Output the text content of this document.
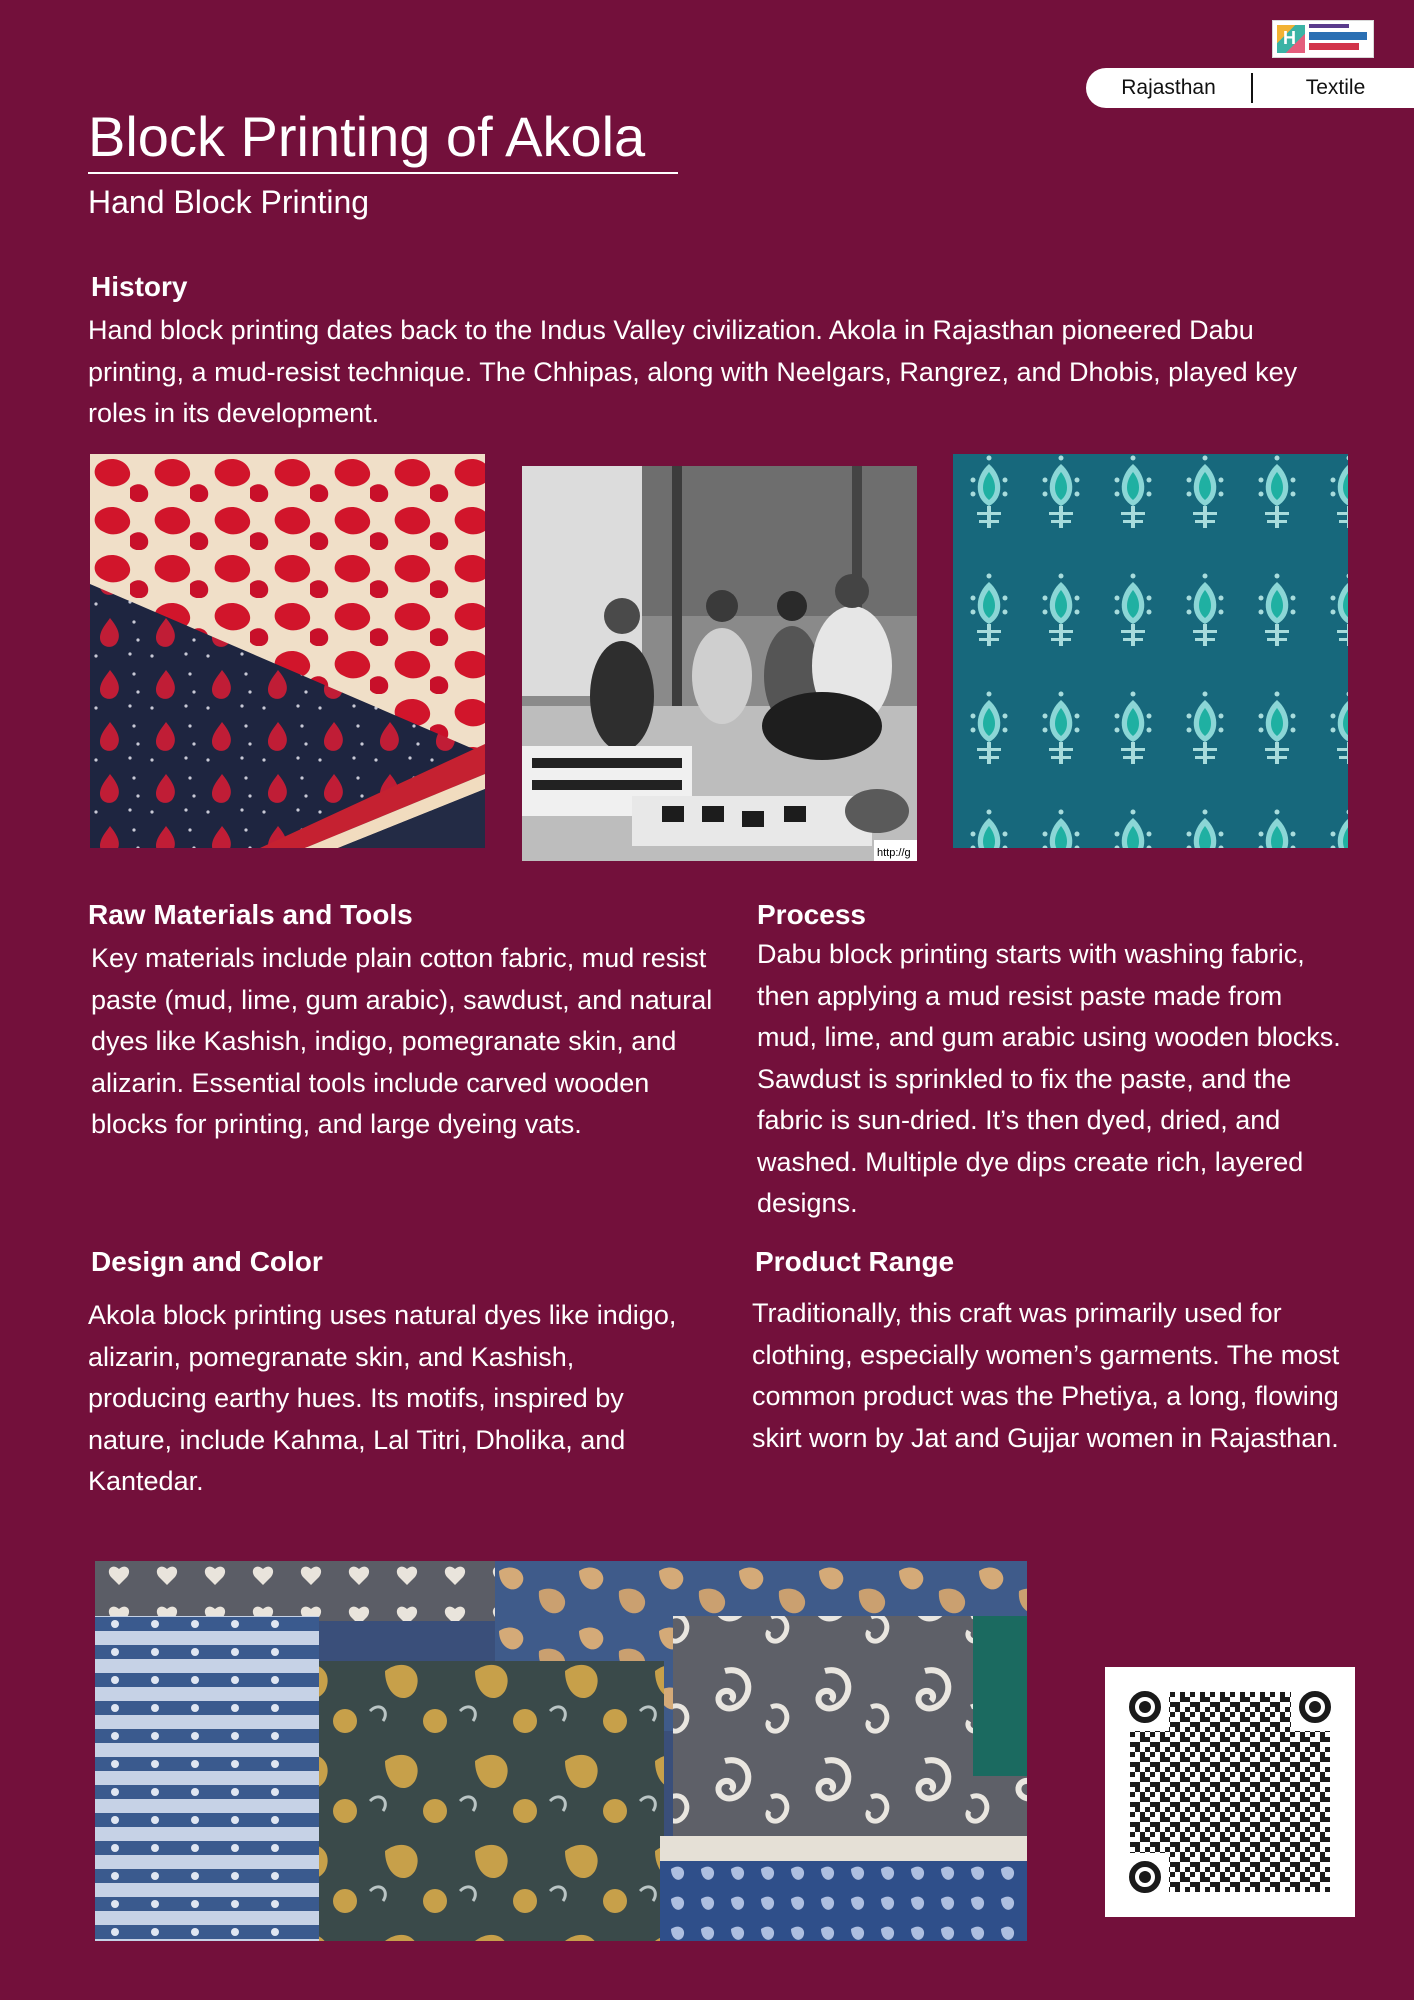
H
Rajasthan	Textile
Block Printing of Akola
Hand Block Printing
History

Hand block printing dates back to the Indus Valley civilization. Akola in Rajasthan pioneered Dabu printing, a mud-resist technique. The Chhipas, along with Neelgars, Rangrez, and Dhobis, played key roles in its development.

http://g
Raw Materials and Tools

Key materials include plain cotton fabric, mud resist paste (mud, lime, gum arabic), sawdust, and natural dyes like Kashish, indigo, pomegranate skin, and alizarin. Essential tools include carved wooden blocks for printing, and large dyeing vats.

Process

Dabu block printing starts with washing fabric, then applying a mud resist paste made from mud, lime, and gum arabic using wooden blocks. Sawdust is sprinkled to fix the paste, and the fabric is sun-dried. It’s then dyed, dried, and washed. Multiple dye dips create rich, layered designs.

Design and Color

Akola block printing uses natural dyes like indigo, alizarin, pomegranate skin, and Kashish, producing earthy hues. Its motifs, inspired by nature, include Kahma, Lal Titri, Dholika, and Kantedar.

Product Range

Traditionally, this craft was primarily used for clothing, especially women’s garments. The most common product was the Phetiya, a long, flowing skirt worn by Jat and Gujjar women in Rajasthan.
